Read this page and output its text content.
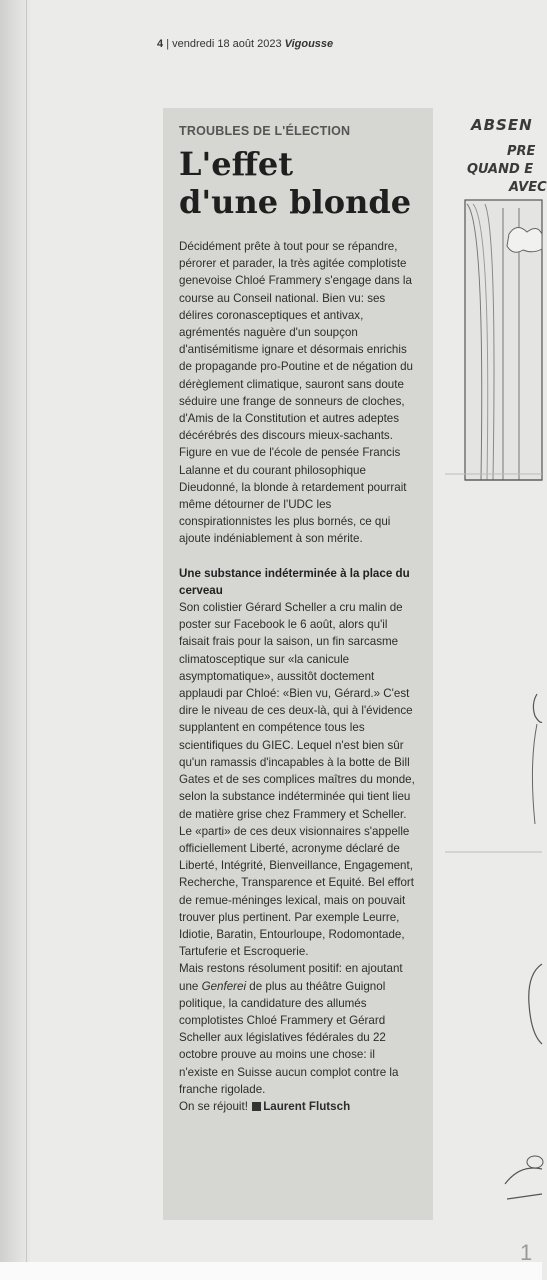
4 | vendredi 18 août 2023 Vigousse
TROUBLES DE L'ÉLECTION
L'effet
d'une blonde

Décidément prête à tout pour se répandre, pérorer et parader, la très agitée complotiste genevoise Chloé Frammery s'engage dans la course au Conseil national. Bien vu: ses délires coronasceptiques et antivax, agrémentés naguère d'un soupçon d'antisémitisme ignare et désormais enrichis de propagande pro-Poutine et de négation du dérèglement climatique, sauront sans doute séduire une frange de sonneurs de cloches, d'Amis de la Constitution et autres adeptes décérébrés des discours mieux-sachants. Figure en vue de l'école de pensée Francis Lalanne et du courant philosophique Dieudonné, la blonde à retardement pourrait même détourner de l'UDC les conspirationnistes les plus bornés, ce qui ajoute indéniablement à son mérite.

Une substance indéterminée à la place du cerveau

Son colistier Gérard Scheller a cru malin de poster sur Facebook le 6 août, alors qu'il faisait frais pour la saison, un fin sarcasme climatosceptique sur «la canicule asymptomatique», aussitôt doctement applaudi par Chloé: «Bien vu, Gérard.» C'est dire le niveau de ces deux-là, qui à l'évidence supplantent en compétence tous les scientifiques du GIEC. Lequel n'est bien sûr qu'un ramassis d'incapables à la botte de Bill Gates et de ses complices maîtres du monde, selon la substance indéterminée qui tient lieu de matière grise chez Frammery et Scheller.

Le «parti» de ces deux visionnaires s'appelle officiellement Liberté, acronyme déclaré de Liberté, Intégrité, Bienveillance, Engagement, Recherche, Transparence et Equité. Bel effort de remue-méninges lexical, mais on pouvait trouver plus pertinent. Par exemple Leurre, Idiotie, Baratin, Entourloupe, Rodomontade, Tartuferie et Escroquerie.

Mais restons résolument positif: en ajoutant une Genferei de plus au théâtre Guignol politique, la candidature des allumés complotistes Chloé Frammery et Gérard Scheller aux législatives fédérales du 22 octobre prouve au moins une chose: il n'existe en Suisse aucun complot contre la franche rigolade.

On se réjouit! Laurent Flutsch

ABSEN
PRE
QUAND E
AVEC
1
